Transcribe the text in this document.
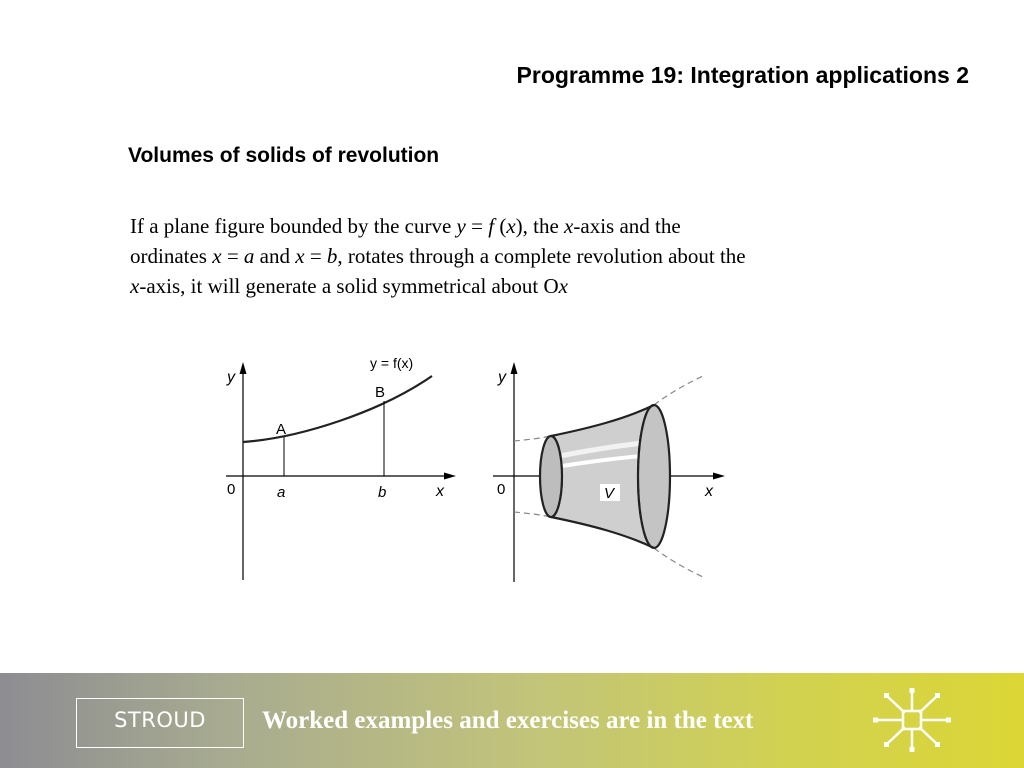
Programme 19: Integration applications 2
Volumes of solids of revolution
If a plane figure bounded by the curve y = f (x), the x-axis and the
ordinates x = a and x = b, rotates through a complete revolution about the
x-axis, it will generate a solid symmetrical about Ox
y
x
0
y = f(x)
A
B
a	b	V
y
x
0
STROUD	Worked examples and exercises are in the text
